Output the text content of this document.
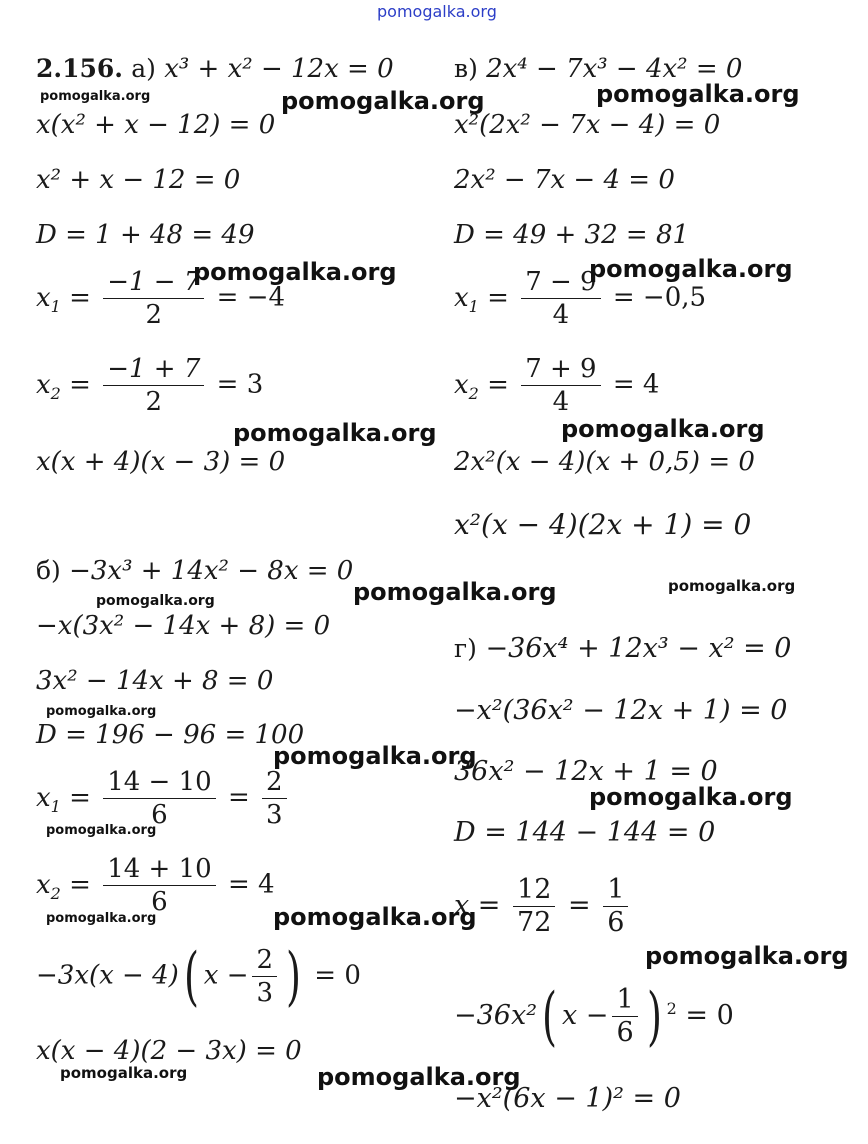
pomogalka.org
2.156. а) x³ + x² − 12x = 0
x(x² + x − 12) = 0
x² + x − 12 = 0
D = 1 + 48 = 49
$x_1 = \frac{-1 - 7}{2} = -4$
$x_2 = \frac{-1 + 7}{2} = 3$
x(x + 4)(x − 3) = 0
б) −3x³ + 14x² − 8x = 0
−x(3x² − 14x + 8) = 0
3x² − 14x + 8 = 0
D = 196 − 96 = 100
$x_1 = \frac{14 - 10}{6} = \frac{2}{3}$
$x_2 = \frac{14 + 10}{6} = 4$
−3x(x − 4)( $x - \frac{2}{3}$ ) = 0
x(x − 4)(2 − 3x) = 0
в) 2x⁴ − 7x³ − 4x² = 0
x²(2x² − 7x − 4) = 0
2x² − 7x − 4 = 0
D = 49 + 32 = 81
$x_1 = \frac{7 - 9}{4} = -0,5$
$x_2 = \frac{7 + 9}{4} = 4$
2x²(x − 4)(x + 0,5) = 0
x²(x − 4)(2x + 1) = 0
г) −36x⁴ + 12x³ − x² = 0
−x²(36x² − 12x + 1) = 0
36x² − 12x + 1 = 0
D = 144 − 144 = 0
$x = \frac{12}{72} = \frac{1}{6}$
−36x²( $x - \frac{1}{6}$ ) $^2$ = 0
−x²(6x − 1)² = 0
pomogalka.org	pomogalka.org	pomogalka.org
pomogalka.org	pomogalka.org
pomogalka.org	pomogalka.org
pomogalka.org
pomogalka.org	pomogalka.org
pomogalka.org
pomogalka.org
pomogalka.org
pomogalka.org
pomogalka.org	pomogalka.org
pomogalka.org
pomogalka.org	pomogalka.org
